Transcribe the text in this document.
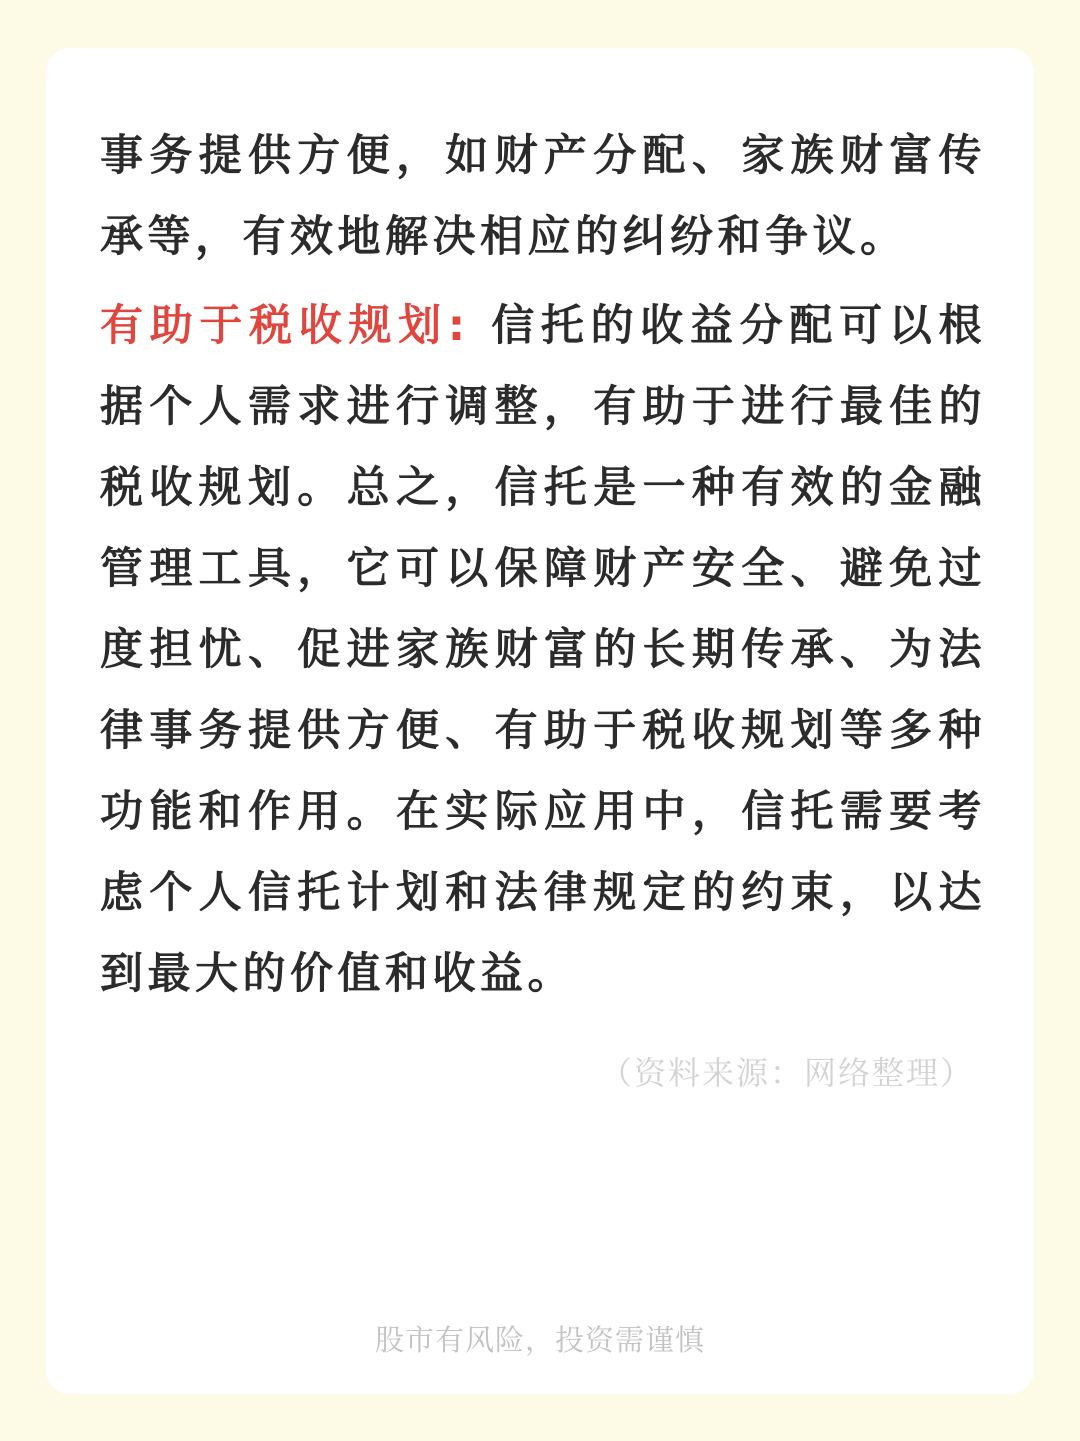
事务提供方便，如财产分配、家族财富传承等，有效地解决相应的纠纷和争议。

有助于税收规划: 信托的收益分配可以根据个人需求进行调整，有助于进行最佳的税收规划。总之，信托是一种有效的金融管理工具，它可以保障财产安全、避免过度担忧、促进家族财富的长期传承、为法律事务提供方便、有助于税收规划等多种功能和作用。在实际应用中，信托需要考虑个人信托计划和法律规定的约束，以达到最大的价值和收益。

（资料来源：网络整理）
股市有风险，投资需谨慎
